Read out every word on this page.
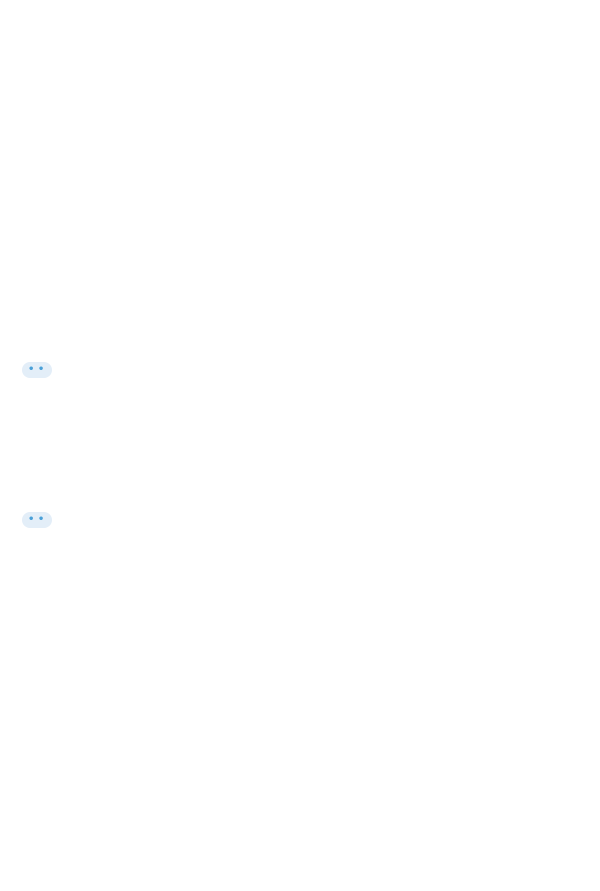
• •

• •
